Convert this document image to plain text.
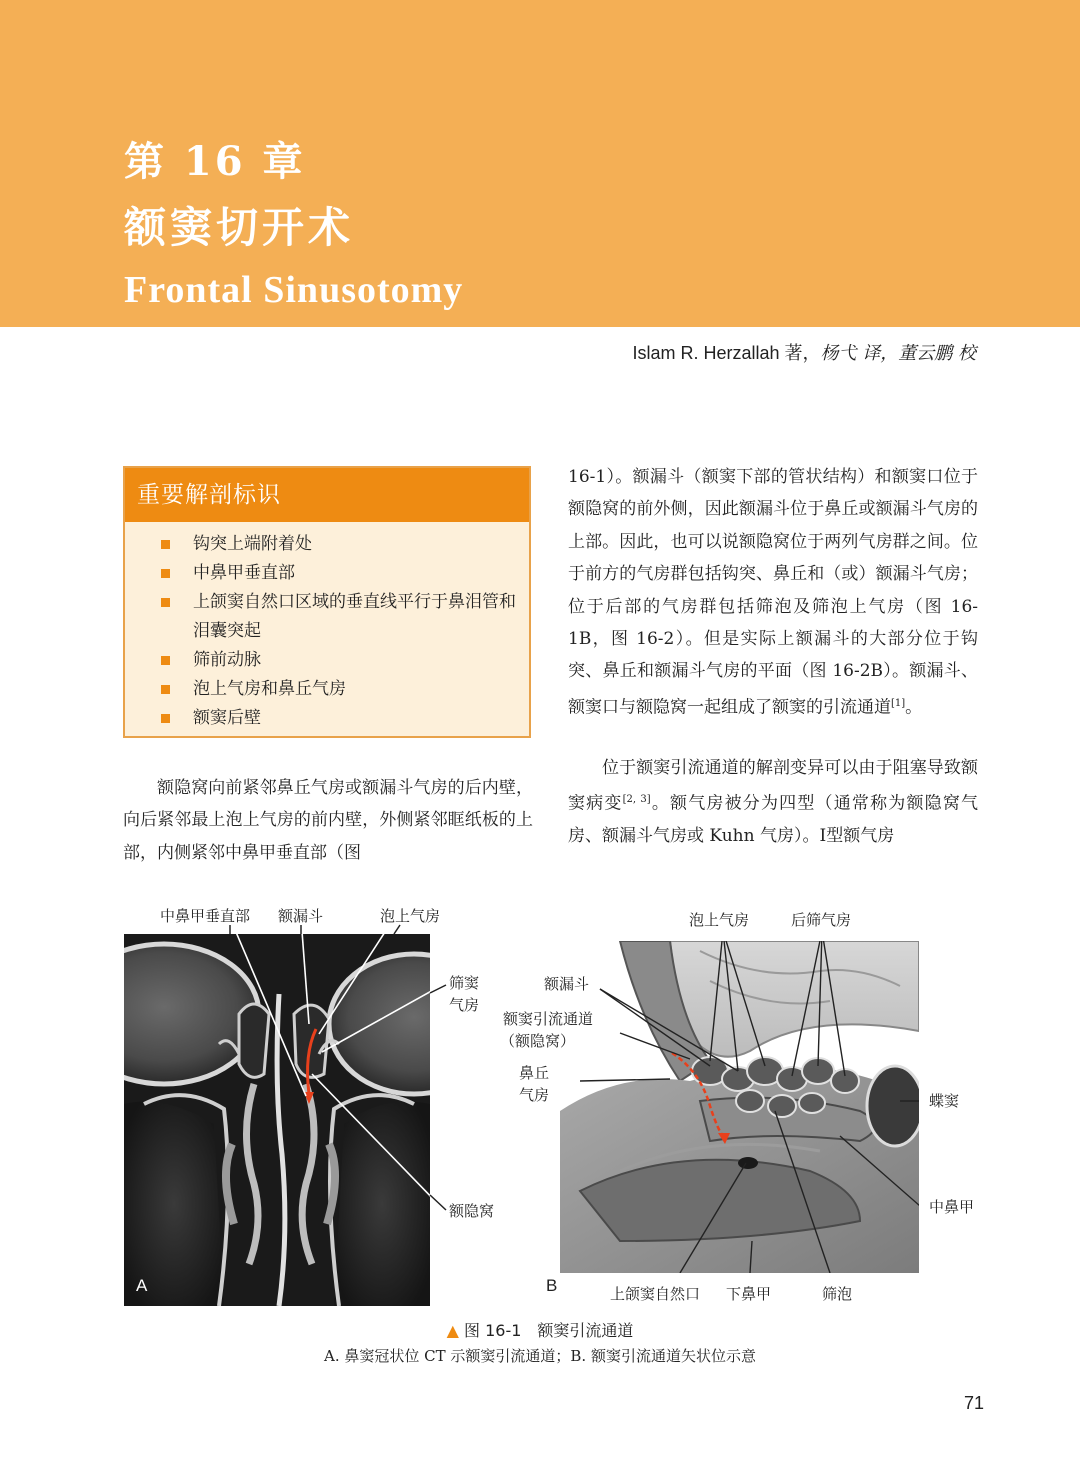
第 16 章
额窦切开术
Frontal Sinusotomy
Islam R. Herzallah 著，杨弋 译，董云鹏 校
重要解剖标识
钩突上端附着处
中鼻甲垂直部
上颌窦自然口区域的垂直线平行于鼻泪管和泪囊突起
筛前动脉
泡上气房和鼻丘气房
额窦后壁
额隐窝向前紧邻鼻丘气房或额漏斗气房的后内壁，向后紧邻最上泡上气房的前内壁，外侧紧邻眶纸板的上部，内侧紧邻中鼻甲垂直部（图
16-1）。额漏斗（额窦下部的管状结构）和额窦口位于额隐窝的前外侧，因此额漏斗位于鼻丘或额漏斗气房的上部。因此，也可以说额隐窝位于两列气房群之间。位于前方的气房群包括钩突、鼻丘和（或）额漏斗气房；位于后部的气房群包括筛泡及筛泡上气房（图 16-1B，图 16-2）。但是实际上额漏斗的大部分位于钩突、鼻丘和额漏斗气房的平面（图 16-2B）。额漏斗、额窦口与额隐窝一起组成了额窦的引流通道[1]。
位于额窦引流通道的解剖变异可以由于阻塞导致额窦病变[2, 3]。额气房被分为四型（通常称为额隐窝气房、额漏斗气房或 Kuhn 气房）。Ⅰ型额气房
A
中鼻甲垂直部 额漏斗	泡上气房
筛窦
气房
额隐窝
B
泡上气房	后筛气房
额漏斗
额窦引流通道
（额隐窝）
鼻丘
气房	蝶窦
中鼻甲
上颌窦自然口 下鼻甲	筛泡
▲ 图 16-1　额窦引流通道
A. 鼻窦冠状位 CT 示额窦引流通道；B. 额窦引流通道矢状位示意
71
